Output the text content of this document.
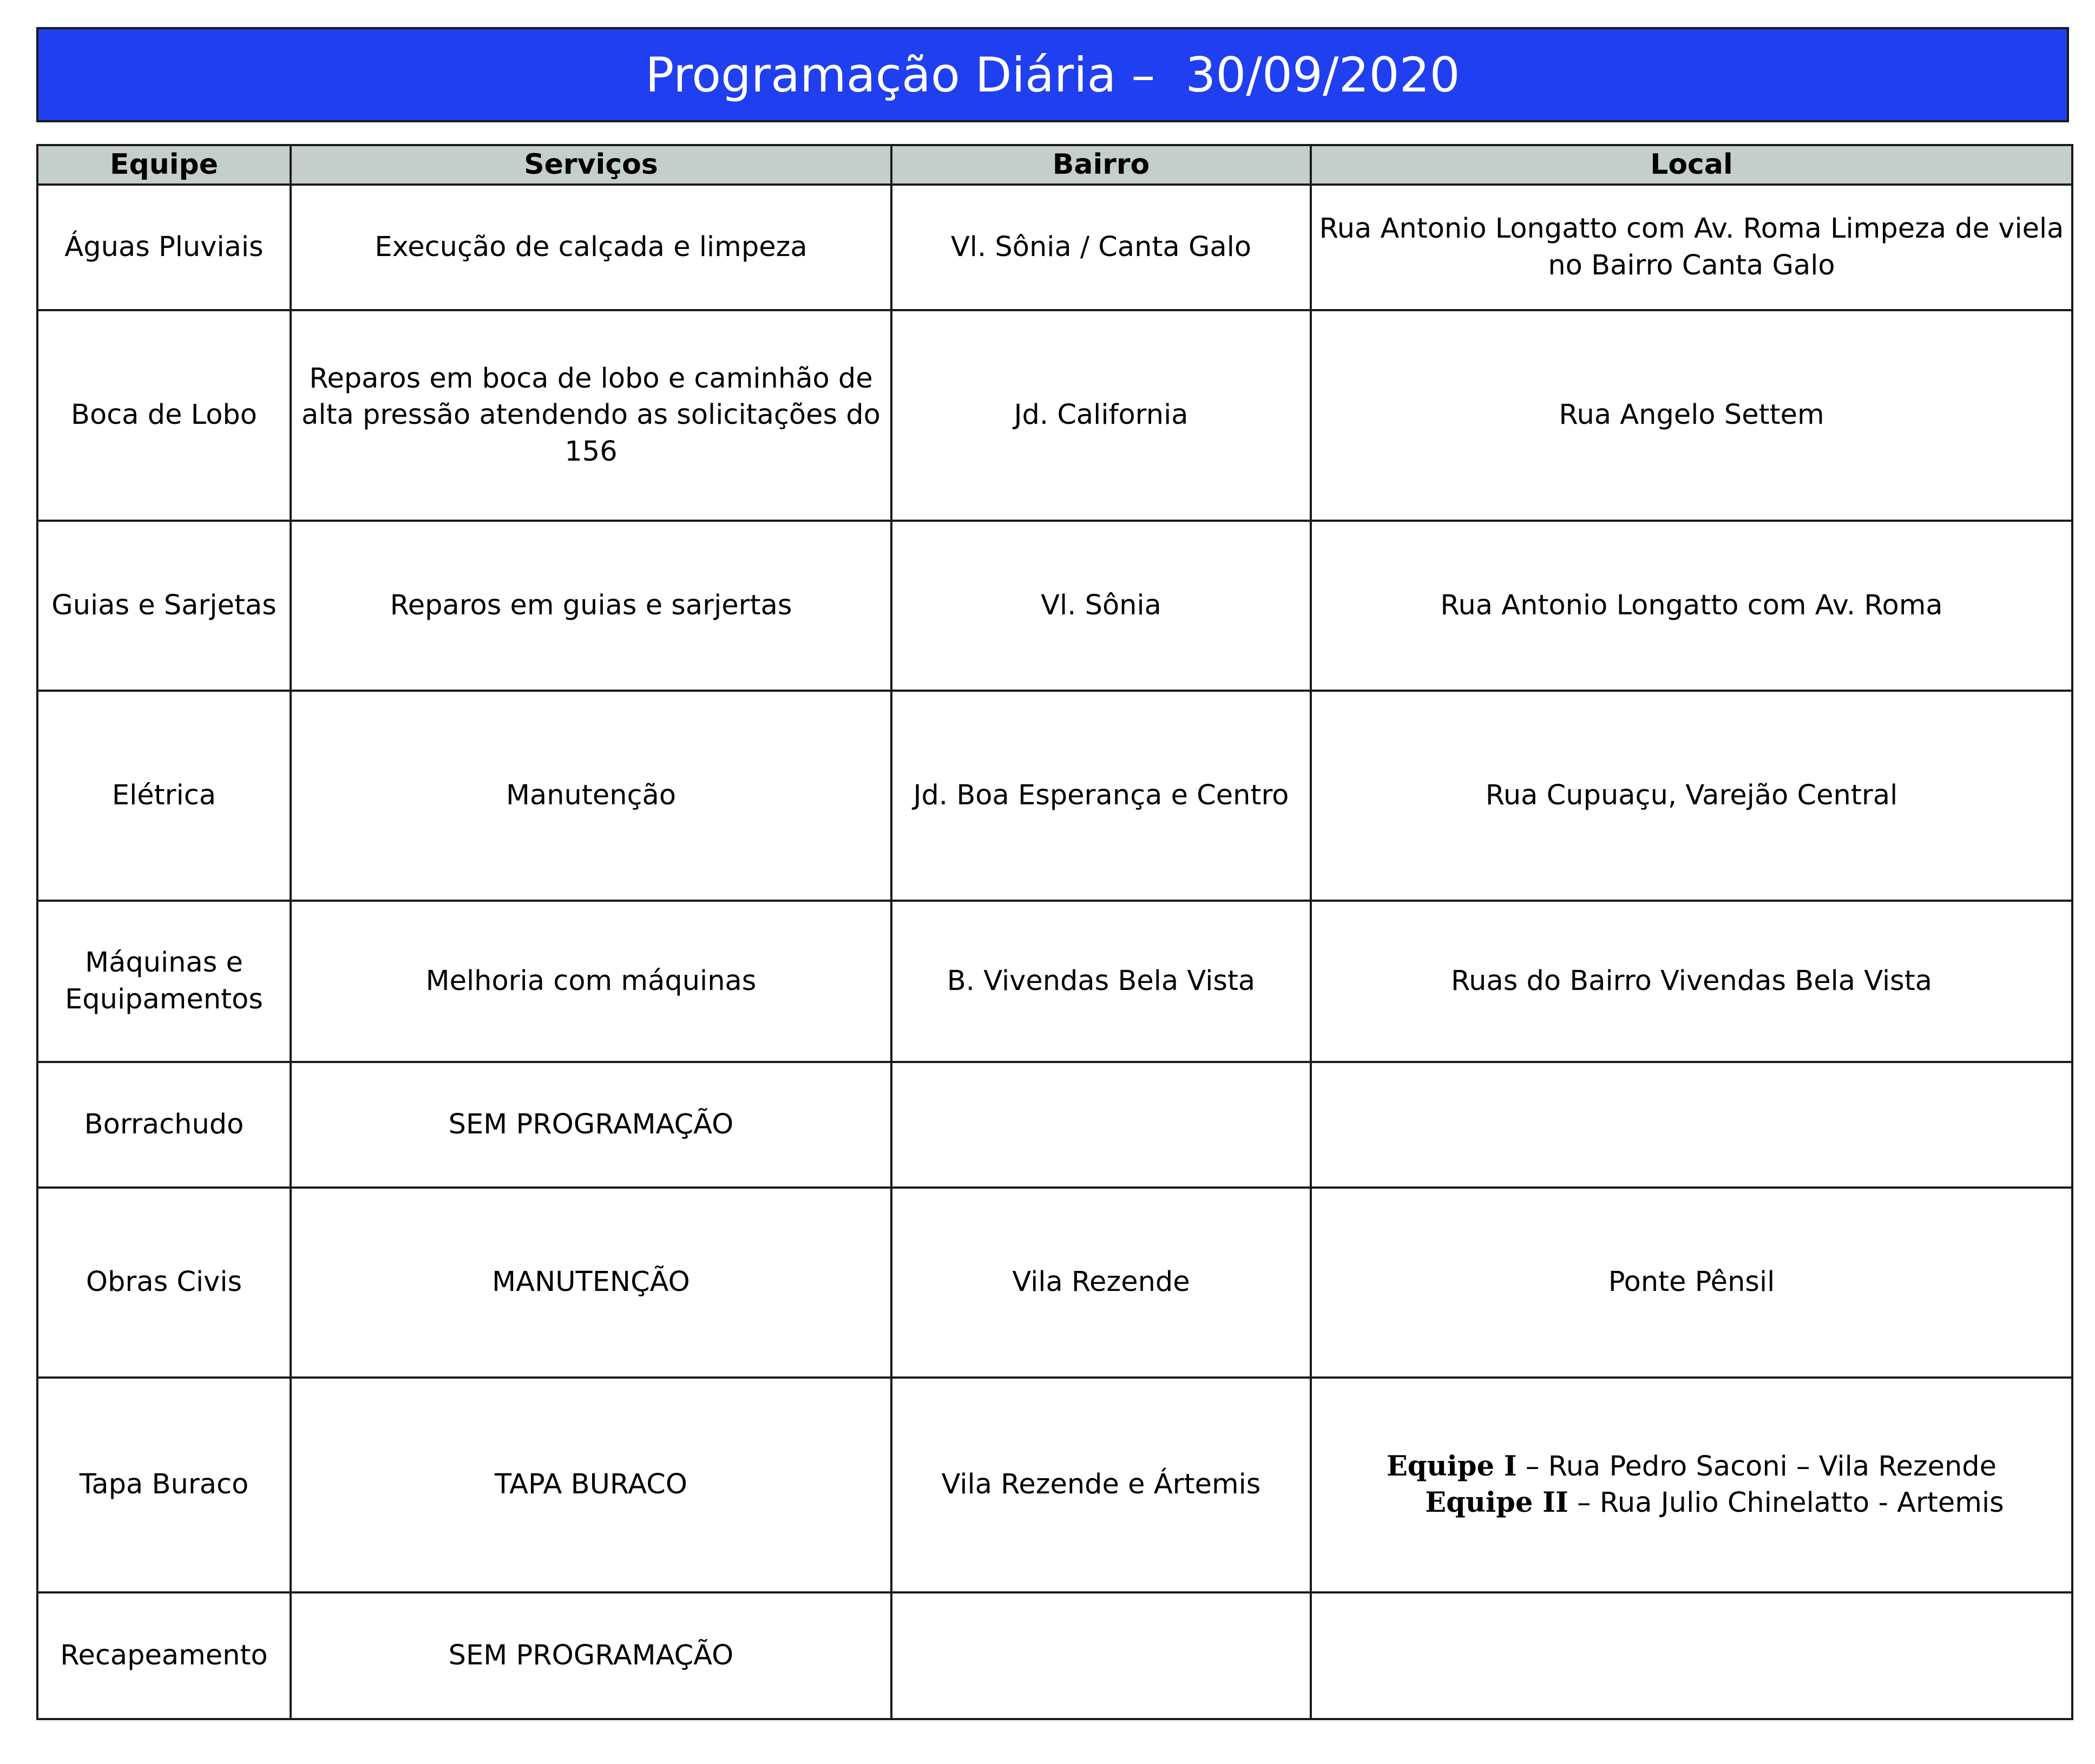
Programação Diária –  30/09/2020
Equipe	Serviços	Bairro	Local
Águas Pluviais	Execução de calçada e limpeza	Vl. Sônia / Canta Galo	Rua Antonio Longatto com Av. Roma Limpeza de viela no Bairro Canta Galo
Boca de Lobo	Reparos em boca de lobo e caminhão de alta pressão atendendo as solicitações do 156	Jd. California	Rua Angelo Settem
Guias e Sarjetas	Reparos em guias e sarjertas	Vl. Sônia	Rua Antonio Longatto com Av. Roma
Elétrica	Manutenção	Jd. Boa Esperança e Centro	Rua Cupuaçu, Varejão Central
Máquinas e Equipamentos	Melhoria com máquinas	B. Vivendas Bela Vista	Ruas do Bairro Vivendas Bela Vista
Borrachudo	SEM PROGRAMAÇÃO		
Obras Civis	MANUTENÇÃO	Vila Rezende	Ponte Pênsil
Tapa Buraco	TAPA BURACO	Vila Rezende e Ártemis	Equipe I – Rua Pedro Saconi – Vila Rezende
Equipe II – Rua Julio Chinelatto - Artemis

Recapeamento	SEM PROGRAMAÇÃO		
